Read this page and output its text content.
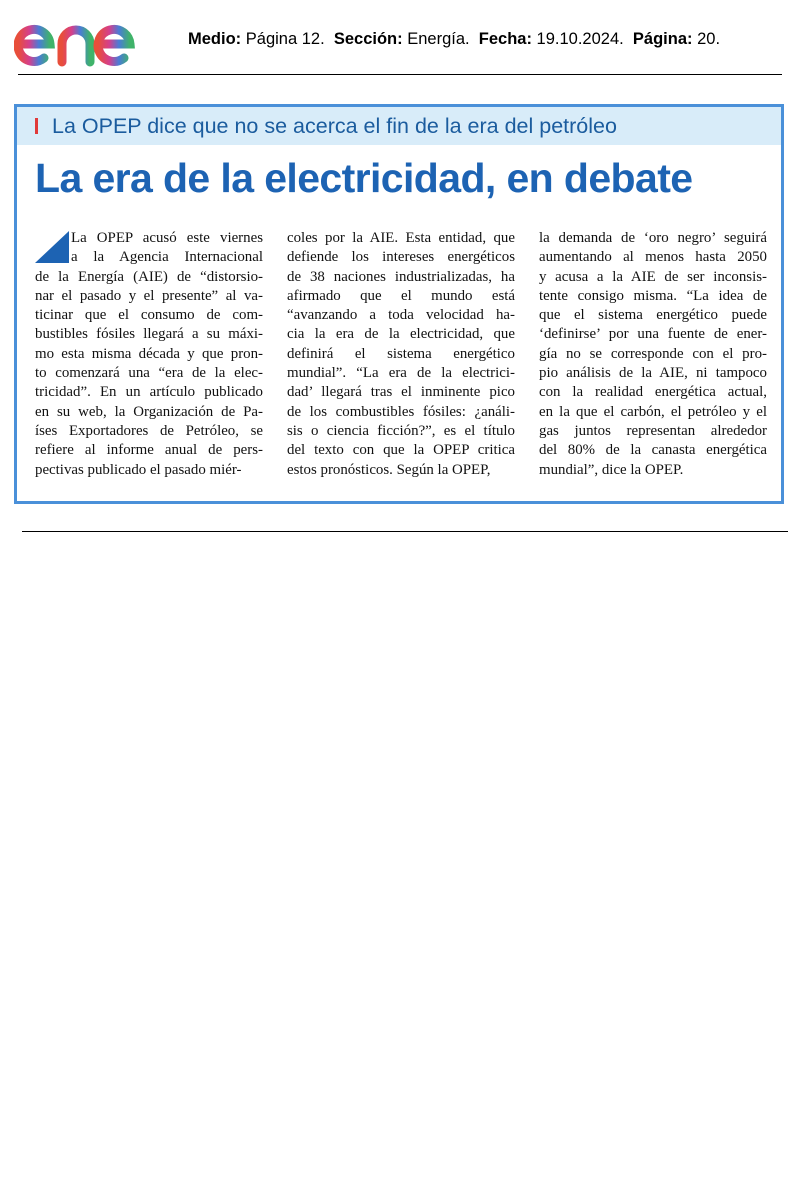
enel
Medio: Página 12. Sección: Energía. Fecha: 19.10.2024. Página: 20.
La OPEP dice que no se acerca el fin de la era del petróleo
La era de la electricidad, en debate
La OPEP acusó este viernes
a la Agencia Internacional
de la Energía (AIE) de “distorsio-
nar el pasado y el presente” al va-
ticinar que el consumo de com-
bustibles fósiles llegará a su máxi-
mo esta misma década y que pron-
to comenzará una “era de la elec-
tricidad”. En un artículo publicado
en su web, la Organización de Pa-
íses Exportadores de Petróleo, se
refiere al informe anual de pers-
pectivas publicado el pasado miér-
coles por la AIE. Esta entidad, que
defiende los intereses energéticos
de 38 naciones industrializadas, ha
afirmado que el mundo está
“avanzando a toda velocidad ha-
cia la era de la electricidad, que
definirá el sistema energético
mundial”. “La era de la electrici-
dad’ llegará tras el inminente pico
de los combustibles fósiles: ¿análi-
sis o ciencia ficción?”, es el título
del texto con que la OPEP critica
estos pronósticos. Según la OPEP,
la demanda de ‘oro negro’ seguirá
aumentando al menos hasta 2050
y acusa a la AIE de ser inconsis-
tente consigo misma. “La idea de
que el sistema energético puede
‘definirse’ por una fuente de ener-
gía no se corresponde con el pro-
pio análisis de la AIE, ni tampoco
con la realidad energética actual,
en la que el carbón, el petróleo y el
gas juntos representan alrededor
del 80% de la canasta energética
mundial”, dice la OPEP.
